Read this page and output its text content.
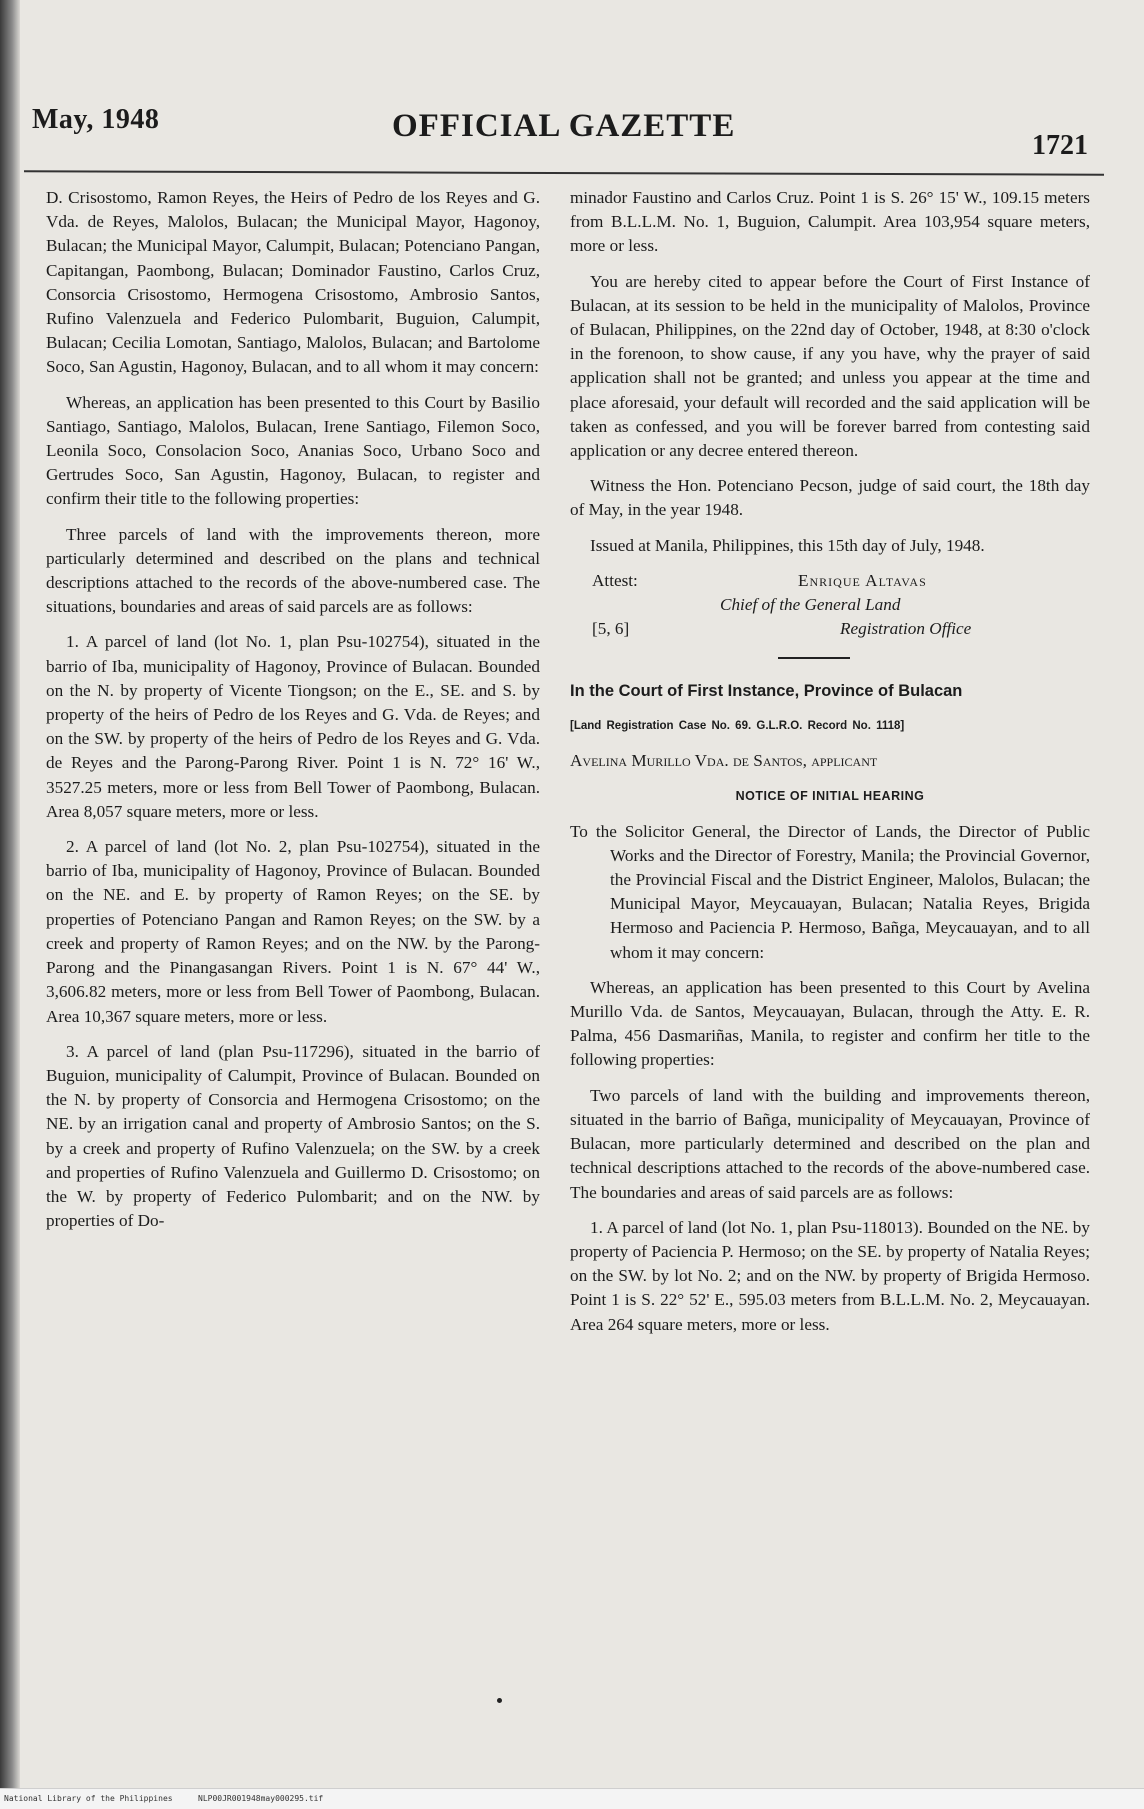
May, 1948	OFFICIAL GAZETTE
1721

D. Crisostomo, Ramon Reyes, the Heirs of Pedro de los Reyes and G. Vda. de Reyes, Malolos, Bulacan; the Municipal Mayor, Hagonoy, Bulacan; the Municipal Mayor, Calumpit, Bulacan; Potenciano Pangan, Capitangan, Paombong, Bulacan; Dominador Faustino, Carlos Cruz, Consorcia Crisostomo, Hermogena Crisostomo, Ambrosio Santos, Rufino Valenzuela and Federico Pulombarit, Buguion, Calumpit, Bulacan; Cecilia Lomotan, Santiago, Malolos, Bulacan; and Bartolome Soco, San Agustin, Hagonoy, Bulacan, and to all whom it may concern:

Whereas, an application has been presented to this Court by Basilio Santiago, Santiago, Malolos, Bulacan, Irene Santiago, Filemon Soco, Leonila Soco, Consolacion Soco, Ananias Soco, Urbano Soco and Gertrudes Soco, San Agustin, Hagonoy, Bulacan, to register and confirm their title to the following properties:

Three parcels of land with the improvements thereon, more particularly determined and described on the plans and technical descriptions attached to the records of the above-numbered case. The situations, boundaries and areas of said parcels are as follows:

1. A parcel of land (lot No. 1, plan Psu-102754), situated in the barrio of Iba, municipality of Hagonoy, Province of Bulacan. Bounded on the N. by property of Vicente Tiongson; on the E., SE. and S. by property of the heirs of Pedro de los Reyes and G. Vda. de Reyes; and on the SW. by property of the heirs of Pedro de los Reyes and G. Vda. de Reyes and the Parong-Parong River. Point 1 is N. 72° 16' W., 3527.25 meters, more or less from Bell Tower of Paombong, Bulacan. Area 8,057 square meters, more or less.

2. A parcel of land (lot No. 2, plan Psu-102754), situated in the barrio of Iba, municipality of Hagonoy, Province of Bulacan. Bounded on the NE. and E. by property of Ramon Reyes; on the SE. by properties of Potenciano Pangan and Ramon Reyes; on the SW. by a creek and property of Ramon Reyes; and on the NW. by the Parong-Parong and the Pinangasangan Rivers. Point 1 is N. 67° 44' W., 3,606.82 meters, more or less from Bell Tower of Paombong, Bulacan. Area 10,367 square meters, more or less.

3. A parcel of land (plan Psu-117296), situated in the barrio of Buguion, municipality of Calumpit, Province of Bulacan. Bounded on the N. by property of Consorcia and Hermogena Crisostomo; on the NE. by an irrigation canal and property of Ambrosio Santos; on the S. by a creek and property of Rufino Valenzuela; on the SW. by a creek and properties of Rufino Valenzuela and Guillermo D. Crisostomo; on the W. by property of Federico Pulombarit; and on the NW. by properties of Do-

minador Faustino and Carlos Cruz. Point 1 is S. 26° 15' W., 109.15 meters from B.L.L.M. No. 1, Buguion, Calumpit. Area 103,954 square meters, more or less.

You are hereby cited to appear before the Court of First Instance of Bulacan, at its session to be held in the municipality of Malolos, Province of Bulacan, Philippines, on the 22nd day of October, 1948, at 8:30 o'clock in the forenoon, to show cause, if any you have, why the prayer of said application shall not be granted; and unless you appear at the time and place aforesaid, your default will recorded and the said application will be taken as confessed, and you will be forever barred from contesting said application or any decree entered thereon.

Witness the Hon. Potenciano Pecson, judge of said court, the 18th day of May, in the year 1948.

Issued at Manila, Philippines, this 15th day of July, 1948.

Attest:	Enrique Altavas
Chief of the General Land
[5, 6]	Registration Office

In the Court of First Instance, Province of Bulacan

[Land Registration Case No. 69. G.L.R.O. Record No. 1118]

Avelina Murillo Vda. de Santos, applicant

NOTICE OF INITIAL HEARING

To the Solicitor General, the Director of Lands, the Director of Public Works and the Director of Forestry, Manila; the Provincial Governor, the Provincial Fiscal and the District Engineer, Malolos, Bulacan; the Municipal Mayor, Meycauayan, Bulacan; Natalia Reyes, Brigida Hermoso and Paciencia P. Hermoso, Bañga, Meycauayan, and to all whom it may concern:

Whereas, an application has been presented to this Court by Avelina Murillo Vda. de Santos, Meycauayan, Bulacan, through the Atty. E. R. Palma, 456 Dasmariñas, Manila, to register and confirm her title to the following properties:

Two parcels of land with the building and improvements thereon, situated in the barrio of Bañga, municipality of Meycauayan, Province of Bulacan, more particularly determined and described on the plan and technical descriptions attached to the records of the above-numbered case. The boundaries and areas of said parcels are as follows:

1. A parcel of land (lot No. 1, plan Psu-118013). Bounded on the NE. by property of Paciencia P. Hermoso; on the SE. by property of Natalia Reyes; on the SW. by lot No. 2; and on the NW. by property of Brigida Hermoso. Point 1 is S. 22° 52' E., 595.03 meters from B.L.L.M. No. 2, Meycauayan. Area 264 square meters, more or less.

National Library of the Philippines	NLP00JR001948may000295.tif
